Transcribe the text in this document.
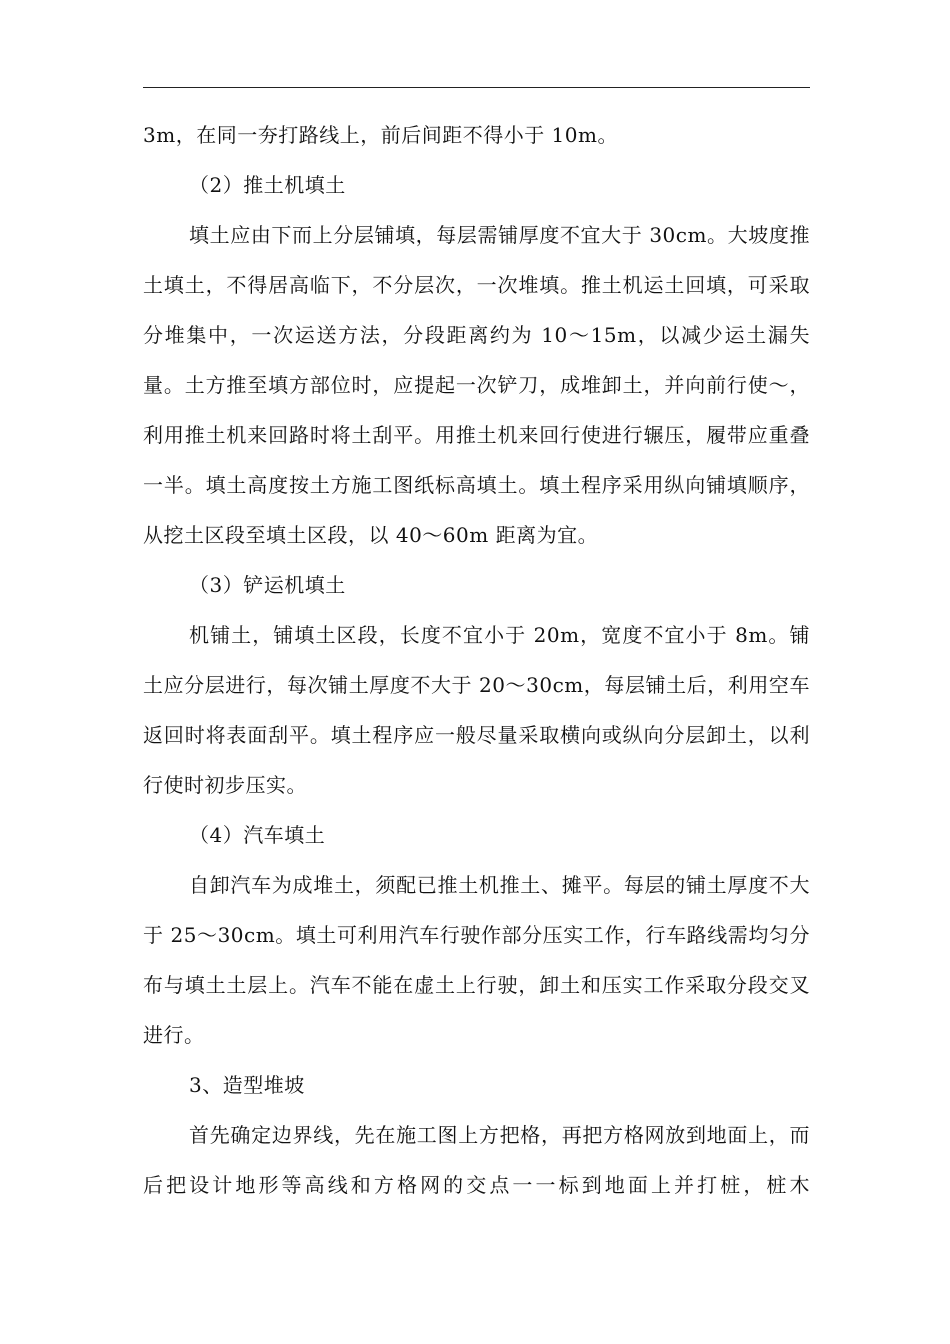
3m，在同一夯打路线上，前后间距不得小于 10m。

（2）推土机填土

填土应由下而上分层铺填，每层需铺厚度不宜大于 30cm。大坡度推土填土，不得居高临下，不分层次，一次堆填。推土机运土回填，可采取分堆集中，一次运送方法，分段距离约为 10～15m，以减少运土漏失量。土方推至填方部位时，应提起一次铲刀，成堆卸土，并向前行使～，利用推土机来回路时将土刮平。用推土机来回行使进行辗压，履带应重叠一半。填土高度按土方施工图纸标高填土。填土程序采用纵向铺填顺序，从挖土区段至填土区段，以 40～60m 距离为宜。

（3）铲运机填土

机铺土，铺填土区段，长度不宜小于 20m，宽度不宜小于 8m。铺土应分层进行，每次铺土厚度不大于 20～30cm，每层铺土后，利用空车返回时将表面刮平。填土程序应一般尽量采取横向或纵向分层卸土，以利行使时初步压实。

（4）汽车填土

自卸汽车为成堆土，须配已推土机推土、摊平。每层的铺土厚度不大于 25～30cm。填土可利用汽车行驶作部分压实工作，行车路线需均匀分布与填土土层上。汽车不能在虚土上行驶，卸土和压实工作采取分段交叉进行。

3、造型堆坡

首先确定边界线，先在施工图上方把格，再把方格网放到地面上，而后把设计地形等高线和方格网的交点一一标到地面上并打桩，桩木
